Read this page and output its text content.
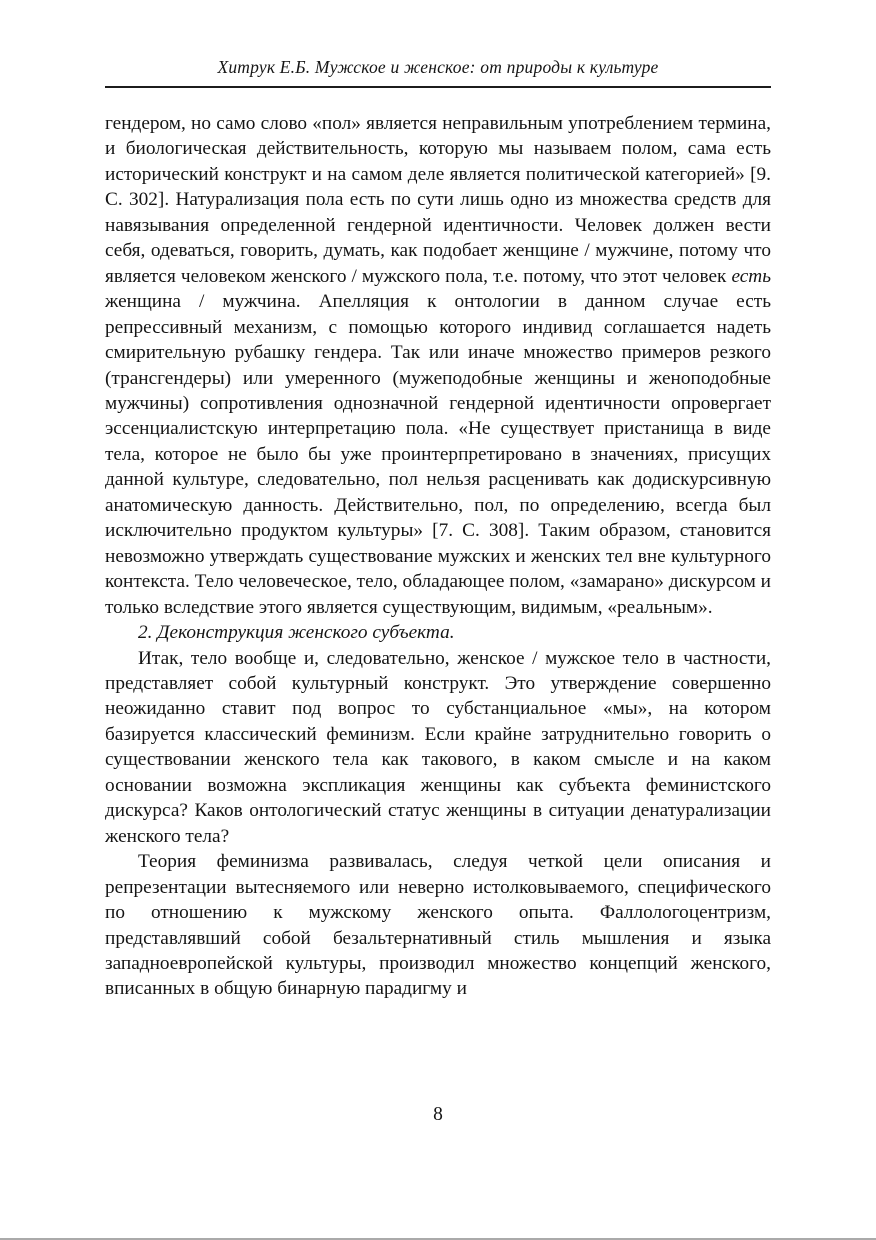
Хитрук Е.Б. Мужское и женское: от природы к культуре

гендером, но само слово «пол» является неправильным употреблением термина, и биологическая действительность, которую мы называем полом, сама есть исторический конструкт и на самом деле является политической категорией» [9. С. 302]. Натурализация пола есть по сути лишь одно из множества средств для навязывания определенной гендерной идентичности. Человек должен вести себя, одеваться, говорить, думать, как подобает женщине / мужчине, потому что является человеком женского / мужского пола, т.е. потому, что этот человек есть женщина / мужчина. Апелляция к онтологии в данном случае есть репрессивный механизм, с помощью которого индивид соглашается надеть смирительную рубашку гендера. Так или иначе множество примеров резкого (трансгендеры) или умеренного (мужеподобные женщины и женоподобные мужчины) сопротивления однозначной гендерной идентичности опровергает эссенциалистскую интерпретацию пола. «Не существует пристанища в виде тела, которое не было бы уже проинтерпретировано в значениях, присущих данной культуре, следовательно, пол нельзя расценивать как додискурсивную анатомическую данность. Действительно, пол, по определению, всегда был исключительно продуктом культуры» [7. С. 308]. Таким образом, становится невозможно утверждать существование мужских и женских тел вне культурного контекста. Тело человеческое, тело, обладающее полом, «замарано» дискурсом и только вследствие этого является существующим, видимым, «реальным».

2. Деконструкция женского субъекта.

Итак, тело вообще и, следовательно, женское / мужское тело в частности, представляет собой культурный конструкт. Это утверждение совершенно неожиданно ставит под вопрос то субстанциальное «мы», на котором базируется классический феминизм. Если крайне затруднительно говорить о существовании женского тела как такового, в каком смысле и на каком основании возможна экспликация женщины как субъекта феминистского дискурса? Каков онтологический статус женщины в ситуации денатурализации женского тела?

Теория феминизма развивалась, следуя четкой цели описания и репрезентации вытесняемого или неверно истолковываемого, специфического по отношению к мужскому женского опыта. Фаллологоцентризм, представлявший собой безальтернативный стиль мышления и языка западноевропейской культуры, производил множество концепций женского, вписанных в общую бинарную парадигму и

8
